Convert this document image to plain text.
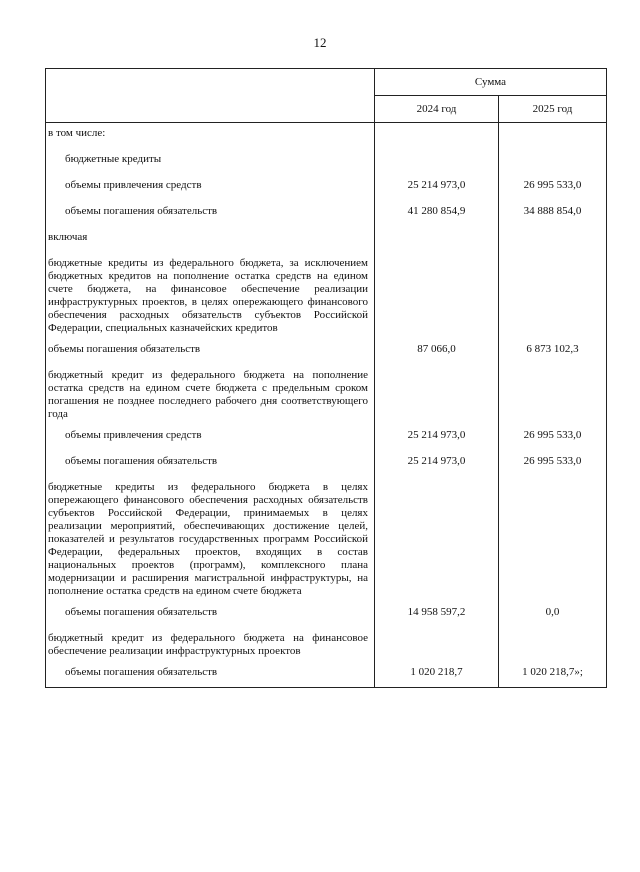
12
	Сумма	
	2024 год	2025 год
в том числе:		
бюджетные кредиты		
объемы привлечения средств	25 214 973,0	26 995 533,0
объемы погашения обязательств	41 280 854,9	34 888 854,0
включая		
бюджетные кредиты из федерального бюджета, за исключением бюджетных кредитов на пополнение остатка средств на едином счете бюджета, на финансовое обеспечение реализации инфраструктурных проектов, в целях опережающего финансового обеспечения расходных обязательств субъектов Российской Федерации, специальных казначейских кредитов		
объемы погашения обязательств	87 066,0	6 873 102,3
бюджетный кредит из федерального бюджета на пополнение остатка средств на едином счете бюджета с предельным сроком погашения не позднее последнего рабочего дня соответствующего года		
объемы привлечения средств	25 214 973,0	26 995 533,0
объемы погашения обязательств	25 214 973,0	26 995 533,0
бюджетные кредиты из федерального бюджета в целях опережающего финансового обеспечения расходных обязательств субъектов Российской Федерации, принимаемых в целях реализации мероприятий, обеспечивающих достижение целей, показателей и результатов государственных программ Российской Федерации, федеральных проектов, входящих в состав национальных проектов (программ), комплексного плана модернизации и расширения магистральной инфраструктуры, на пополнение остатка средств на едином счете бюджета		
объемы погашения обязательств	14 958 597,2	0,0
бюджетный кредит из федерального бюджета на финансовое обеспечение реализации инфраструктурных проектов		
объемы погашения обязательств	1 020 218,7	1 020 218,7»;
